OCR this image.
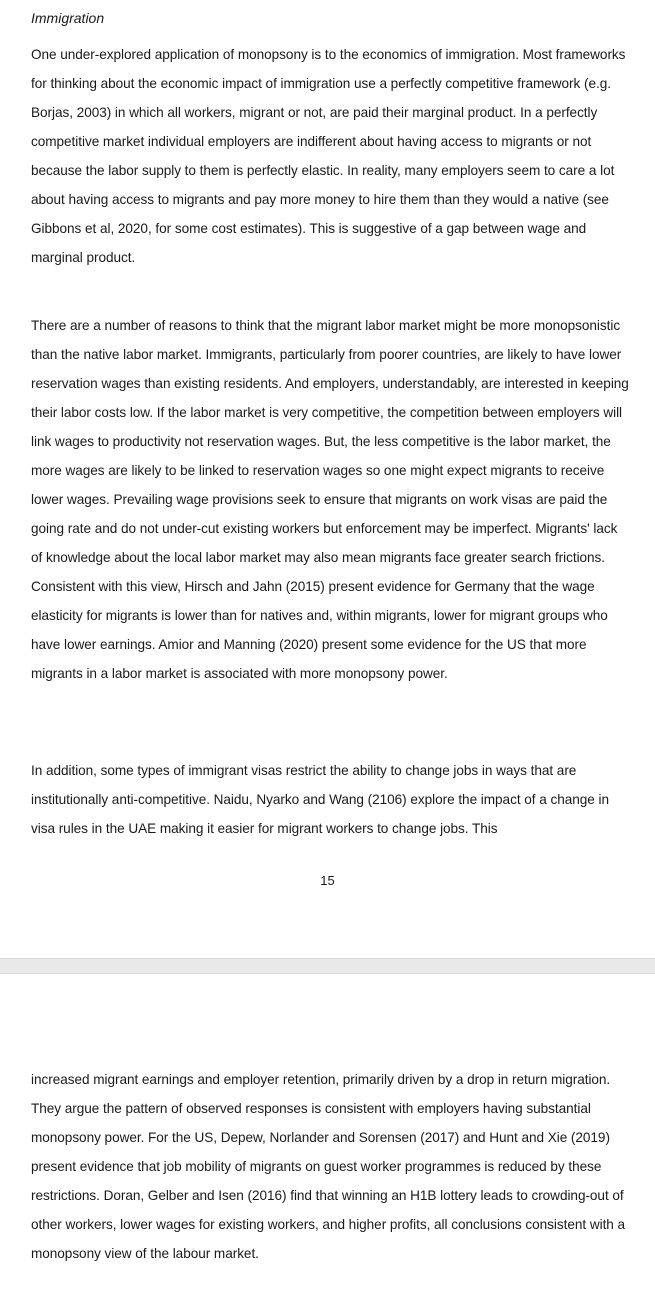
Immigration

One under-explored application of monopsony is to the economics of immigration. Most frameworks for thinking about the economic impact of immigration use a perfectly competitive framework (e.g. Borjas, 2003) in which all workers, migrant or not, are paid their marginal product. In a perfectly competitive market individual employers are indifferent about having access to migrants or not because the labor supply to them is perfectly elastic. In reality, many employers seem to care a lot about having access to migrants and pay more money to hire them than they would a native (see Gibbons et al, 2020, for some cost estimates). This is suggestive of a gap between wage and marginal product.

There are a number of reasons to think that the migrant labor market might be more monopsonistic than the native labor market. Immigrants, particularly from poorer countries, are likely to have lower reservation wages than existing residents. And employers, understandably, are interested in keeping their labor costs low. If the labor market is very competitive, the competition between employers will link wages to productivity not reservation wages. But, the less competitive is the labor market, the more wages are likely to be linked to reservation wages so one might expect migrants to receive lower wages. Prevailing wage provisions seek to ensure that migrants on work visas are paid the going rate and do not under-cut existing workers but enforcement may be imperfect. Migrants' lack of knowledge about the local labor market may also mean migrants face greater search frictions. Consistent with this view, Hirsch and Jahn (2015) present evidence for Germany that the wage elasticity for migrants is lower than for natives and, within migrants, lower for migrant groups who have lower earnings. Amior and Manning (2020) present some evidence for the US that more migrants in a labor market is associated with more monopsony power.

In addition, some types of immigrant visas restrict the ability to change jobs in ways that are institutionally anti-competitive. Naidu, Nyarko and Wang (2106) explore the impact of a change in visa rules in the UAE making it easier for migrant workers to change jobs. This

15

increased migrant earnings and employer retention, primarily driven by a drop in return migration. They argue the pattern of observed responses is consistent with employers having substantial monopsony power. For the US, Depew, Norlander and Sorensen (2017) and Hunt and Xie (2019) present evidence that job mobility of migrants on guest worker programmes is reduced by these restrictions. Doran, Gelber and Isen (2016) find that winning an H1B lottery leads to crowding-out of other workers, lower wages for existing workers, and higher profits, all conclusions consistent with a monopsony view of the labour market.
